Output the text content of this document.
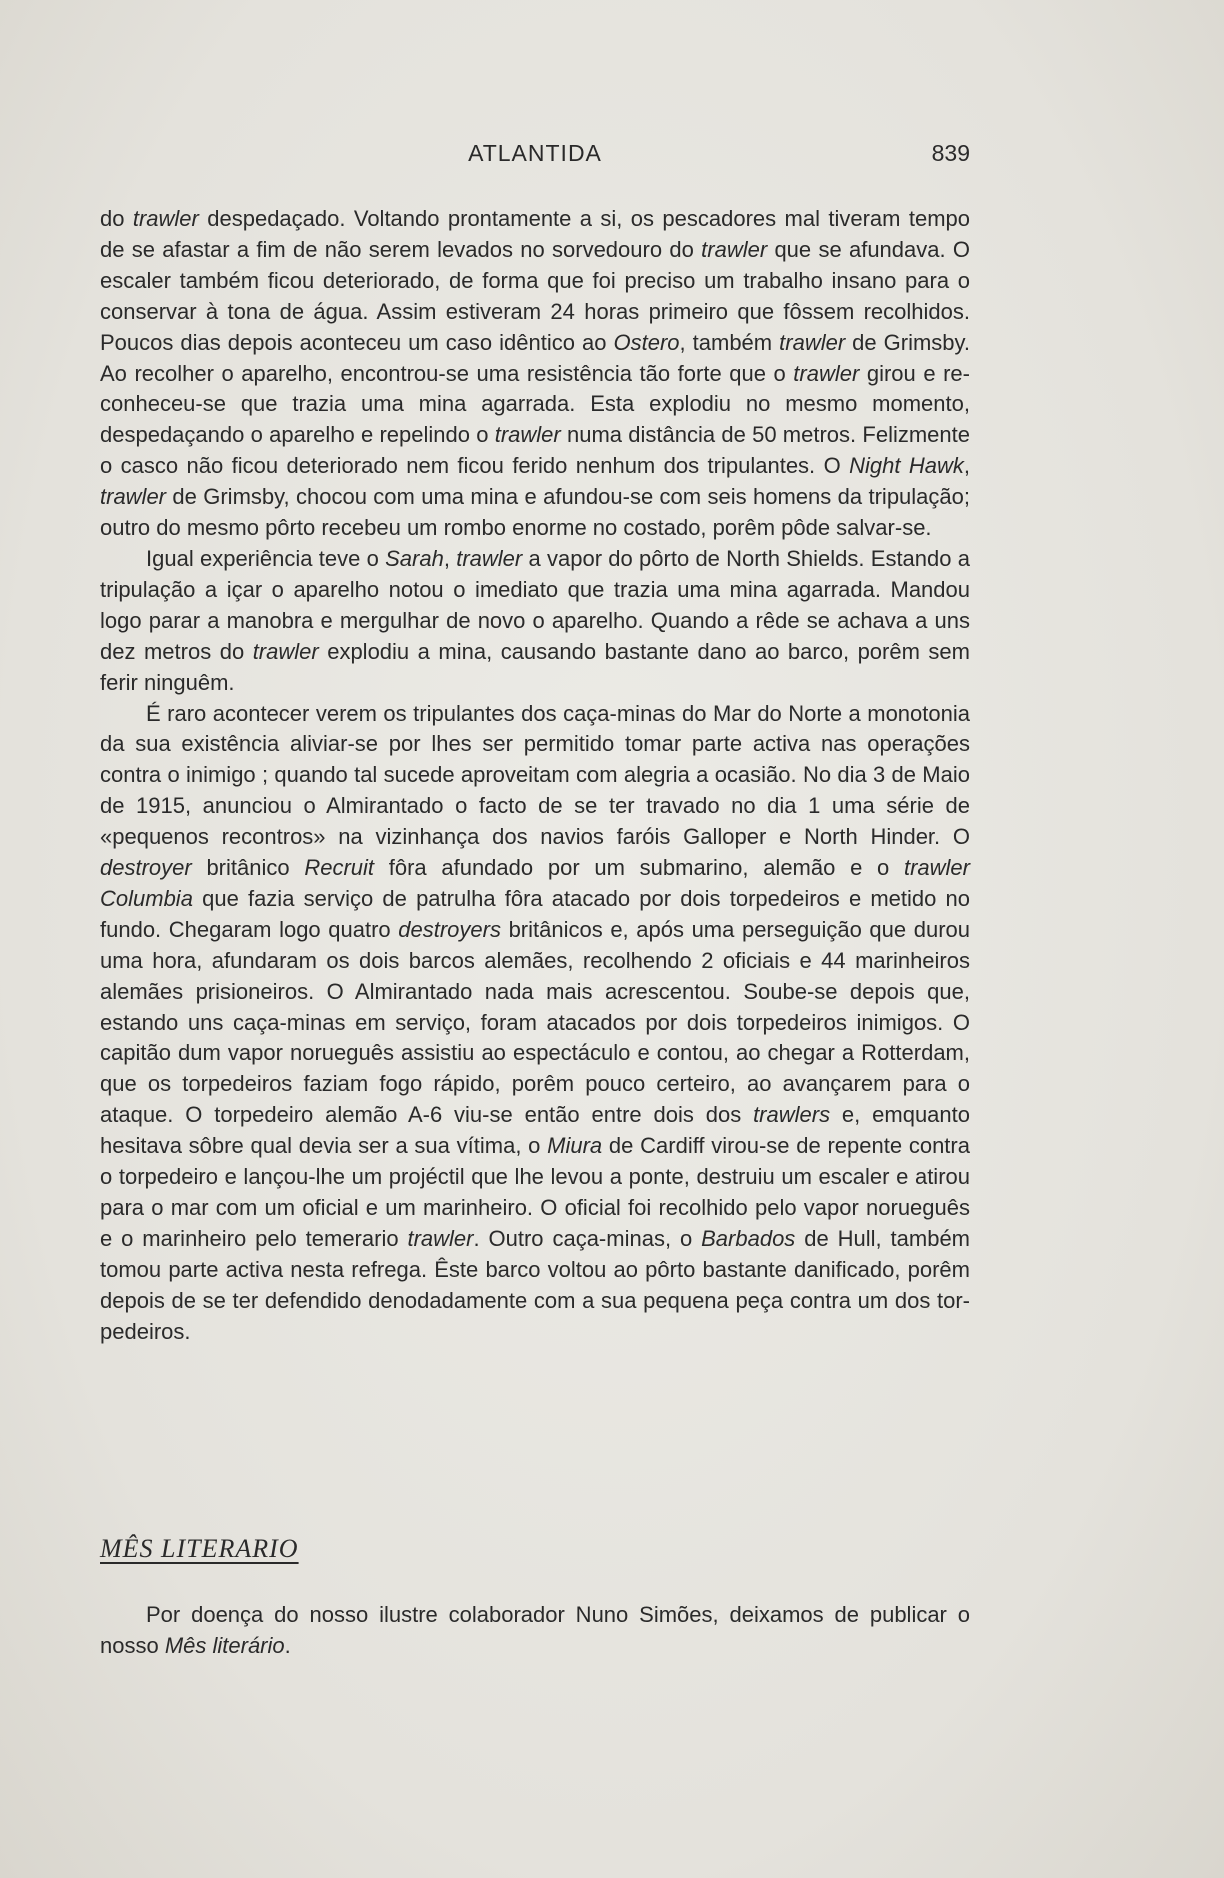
ATLANTIDA	839

do trawler despedaçado. Voltando prontamente a si, os pescadores mal tiveram tempo de se afastar a fim de não serem levados no sorvedouro do trawler que se afundava. O escaler também ficou deteriorado, de forma que foi preciso um trabalho insano para o conservar à tona de água. Assim estiveram 24 horas primeiro que fôssem recolhidos. Poucos dias depois aconteceu um caso idêntico ao Ostero, também trawler de Grimsby. Ao recolher o aparelho, encontrou-se uma resistência tão forte que o trawler girou e reconheceu-se que trazia uma mina agarrada. Esta explodiu no mesmo momento, despedaçando o aparelho e repelindo o trawler numa distância de 50 metros. Felizmente o casco não ficou deteriorado nem ficou ferido nenhum dos tripulantes. O Night Hawk, trawler de Grimsby, chocou com uma mina e afundou-se com seis homens da tripulação; outro do mesmo pôrto recebeu um rombo enorme no costado, porêm pôde salvar-se.

Igual experiência teve o Sarah, trawler a vapor do pôrto de North Shields. Estando a tripulação a içar o aparelho notou o imediato que trazia uma mina agarrada. Mandou logo parar a manobra e mergulhar de novo o aparelho. Quando a rêde se achava a uns dez metros do trawler explodiu a mina, causando bastante dano ao barco, porêm sem ferir ninguêm.

É raro acontecer verem os tripulantes dos caça-minas do Mar do Norte a monotonia da sua existência aliviar-se por lhes ser permitido tomar parte activa nas operações contra o inimigo ; quando tal sucede aproveitam com alegria a ocasião. No dia 3 de Maio de 1915, anunciou o Almirantado o facto de se ter travado no dia 1 uma série de «pequenos recontros» na vizinhança dos navios faróis Galloper e North Hinder. O destroyer britânico Recruit fôra afundado por um submarino, alemão e o trawler Columbia que fazia serviço de patrulha fôra atacado por dois torpedeiros e metido no fundo. Chegaram logo quatro destroyers britânicos e, após uma perseguição que durou uma hora, afundaram os dois barcos alemães, recolhendo 2 oficiais e 44 marinheiros alemães prisioneiros. O Almirantado nada mais acrescentou. Soube-se depois que, estando uns caça-minas em serviço, foram atacados por dois torpedeiros inimigos. O capitão dum vapor norueguês assistiu ao espectáculo e contou, ao chegar a Rotterdam, que os torpedeiros faziam fogo rápido, porêm pouco certeiro, ao avançarem para o ataque. O torpedeiro alemão A-6 viu-se então entre dois dos trawlers e, emquanto hesitava sôbre qual devia ser a sua vítima, o Miura de Cardiff virou-se de repente contra o torpedeiro e lançou-lhe um projéctil que lhe levou a ponte, destruiu um escaler e atirou para o mar com um oficial e um marinheiro. O oficial foi recolhido pelo vapor norueguês e o marinheiro pelo temerario trawler. Outro caça-minas, o Barbados de Hull, também tomou parte activa nesta refrega. Êste barco voltou ao pôrto bastante danificado, porêm depois de se ter defendido denodadamente com a sua pequena peça contra um dos torpedeiros.

MÊS LITERARIO

Por doença do nosso ilustre colaborador Nuno Simões, deixamos de publicar o nosso Mês literário.
